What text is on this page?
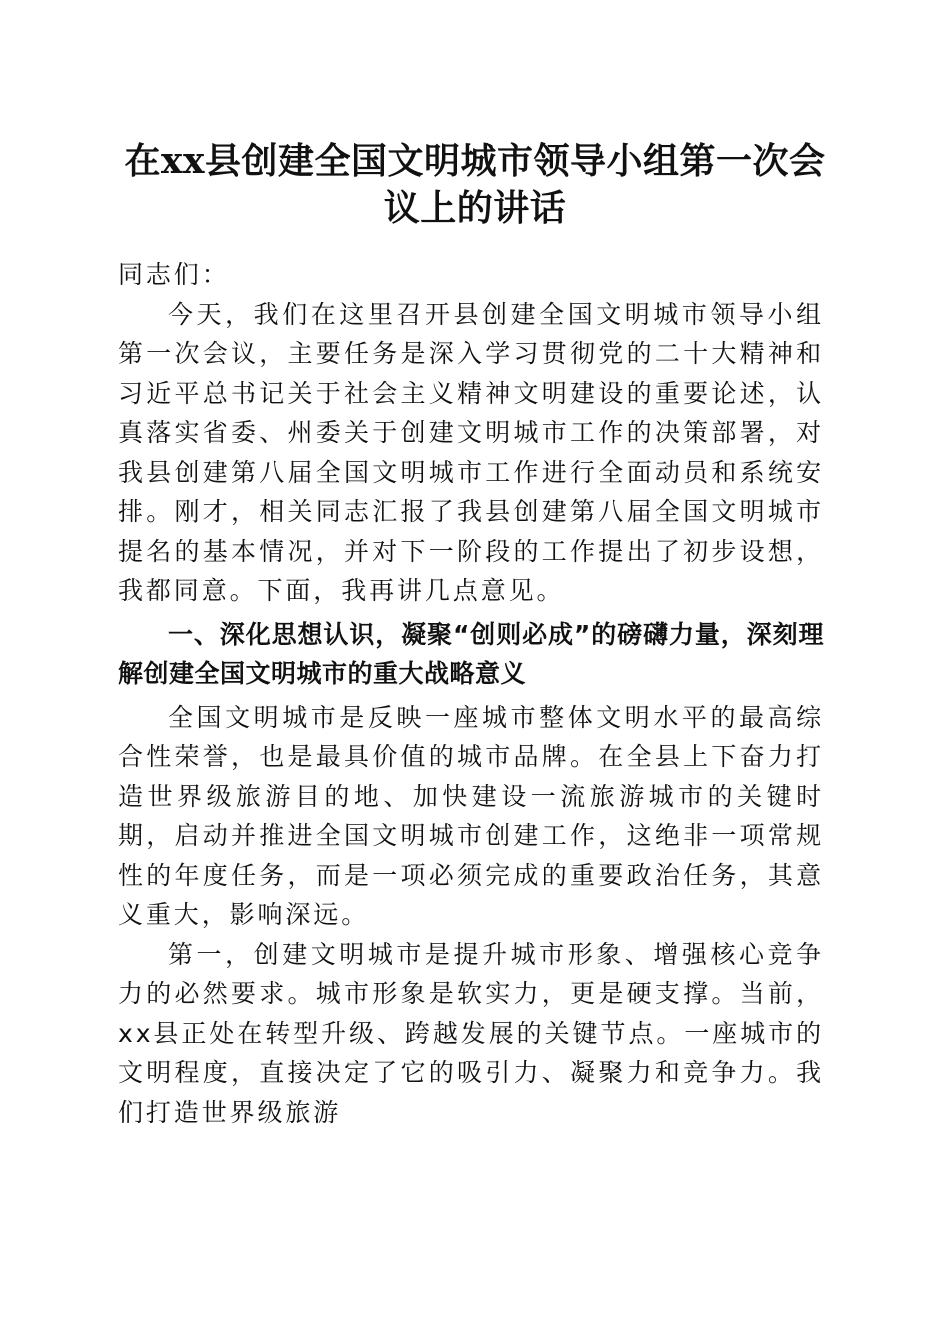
在xx县创建全国文明城市领导小组第一次会
议上的讲话

同志们：

今天，我们在这里召开县创建全国文明城市领导小组第一次会议，主要任务是深入学习贯彻党的二十大精神和习近平总书记关于社会主义精神文明建设的重要论述，认真落实省委、州委关于创建文明城市工作的决策部署，对我县创建第八届全国文明城市工作进行全面动员和系统安排。刚才，相关同志汇报了我县创建第八届全国文明城市提名的基本情况，并对下一阶段的工作提出了初步设想，我都同意。下面，我再讲几点意见。

一、深化思想认识，凝聚“创则必成”的磅礴力量，深刻理解创建全国文明城市的重大战略意义

全国文明城市是反映一座城市整体文明水平的最高综合性荣誉，也是最具价值的城市品牌。在全县上下奋力打造世界级旅游目的地、加快建设一流旅游城市的关键时期，启动并推进全国文明城市创建工作，这绝非一项常规性的年度任务，而是一项必须完成的重要政治任务，其意义重大，影响深远。

第一，创建文明城市是提升城市形象、增强核心竞争力的必然要求。城市形象是软实力，更是硬支撑。当前，xx县正处在转型升级、跨越发展的关键节点。一座城市的文明程度，直接决定了它的吸引力、凝聚力和竞争力。我们打造世界级旅游
